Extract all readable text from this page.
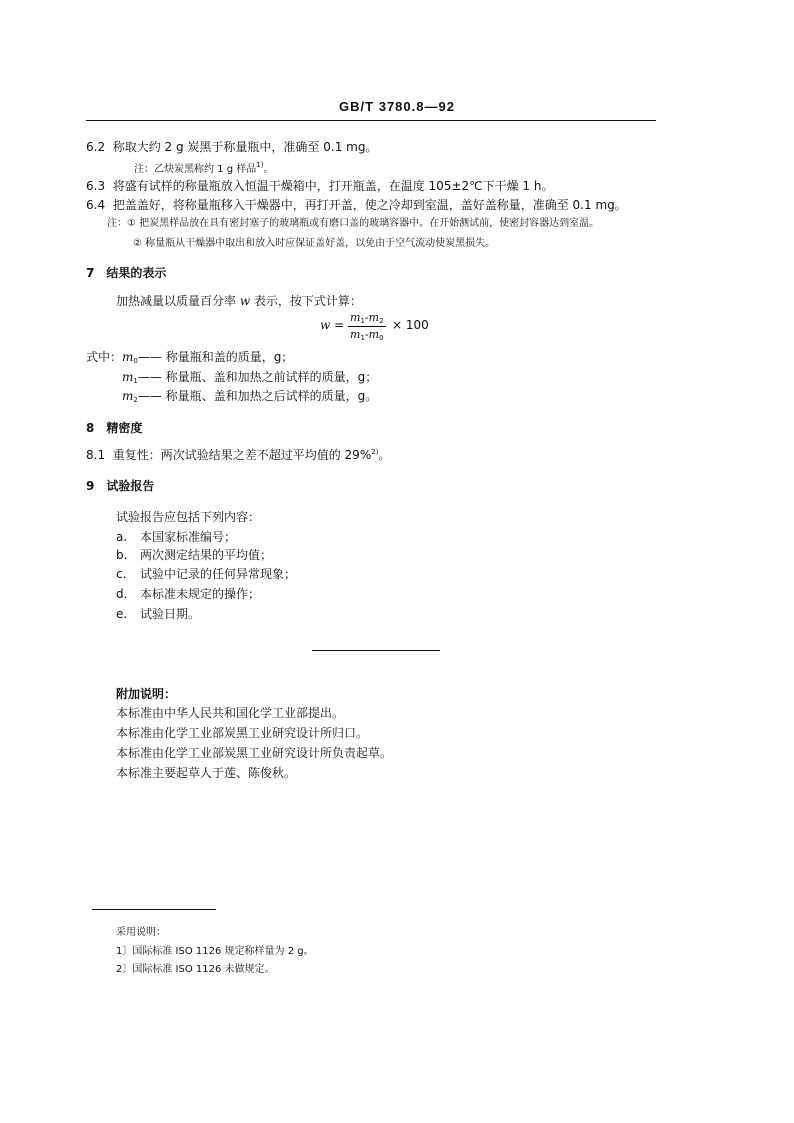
GB/T 3780.8—92
6.2 称取大约 2 g 炭黑于称量瓶中，准确至 0.1 mg。
注：乙炔炭黑称约 1 g 样品$^{1)}$。
6.3 将盛有试样的称量瓶放入恒温干燥箱中，打开瓶盖，在温度 105±2℃下干燥 1 h。
6.4 把盖盖好，将称量瓶移入干燥器中，再打开盖，使之冷却到室温，盖好盖称量，准确至 0.1 mg。
注：① 把炭黑样品放在具有密封塞子的玻璃瓶或有磨口盖的玻璃容器中。在开始测试前，使密封容器达到室温。
② 称量瓶从干燥器中取出和放入时应保证盖好盖，以免由于空气流动使炭黑损失。
7　结果的表示
加热减量以质量百分率 w 表示，按下式计算：
$w = \frac{m_1-m_2}{m_1-m_0} \times 100$
式中：$m_0——$ 称量瓶和盖的质量，g；
$m_1——$ 称量瓶、盖和加热之前试样的质量，g；
$m_2——$ 称量瓶、盖和加热之后试样的质量，g。
8　精密度
8.1 重复性：两次试验结果之差不超过平均值的 29%$^{2)}$。
9　试验报告
试验报告应包括下列内容：
a. 本国家标准编号；
b. 两次测定结果的平均值；
c. 试验中记录的任何异常现象；
d. 本标准未规定的操作；
e. 试验日期。
附加说明：
本标准由中华人民共和国化学工业部提出。
本标准由化学工业部炭黑工业研究设计所归口。
本标准由化学工业部炭黑工业研究设计所负责起草。
本标准主要起草人于莲、陈俊秋。
采用说明：
1〕国际标准 ISO 1126 规定称样量为 2 g。
2〕国际标准 ISO 1126 未做规定。
